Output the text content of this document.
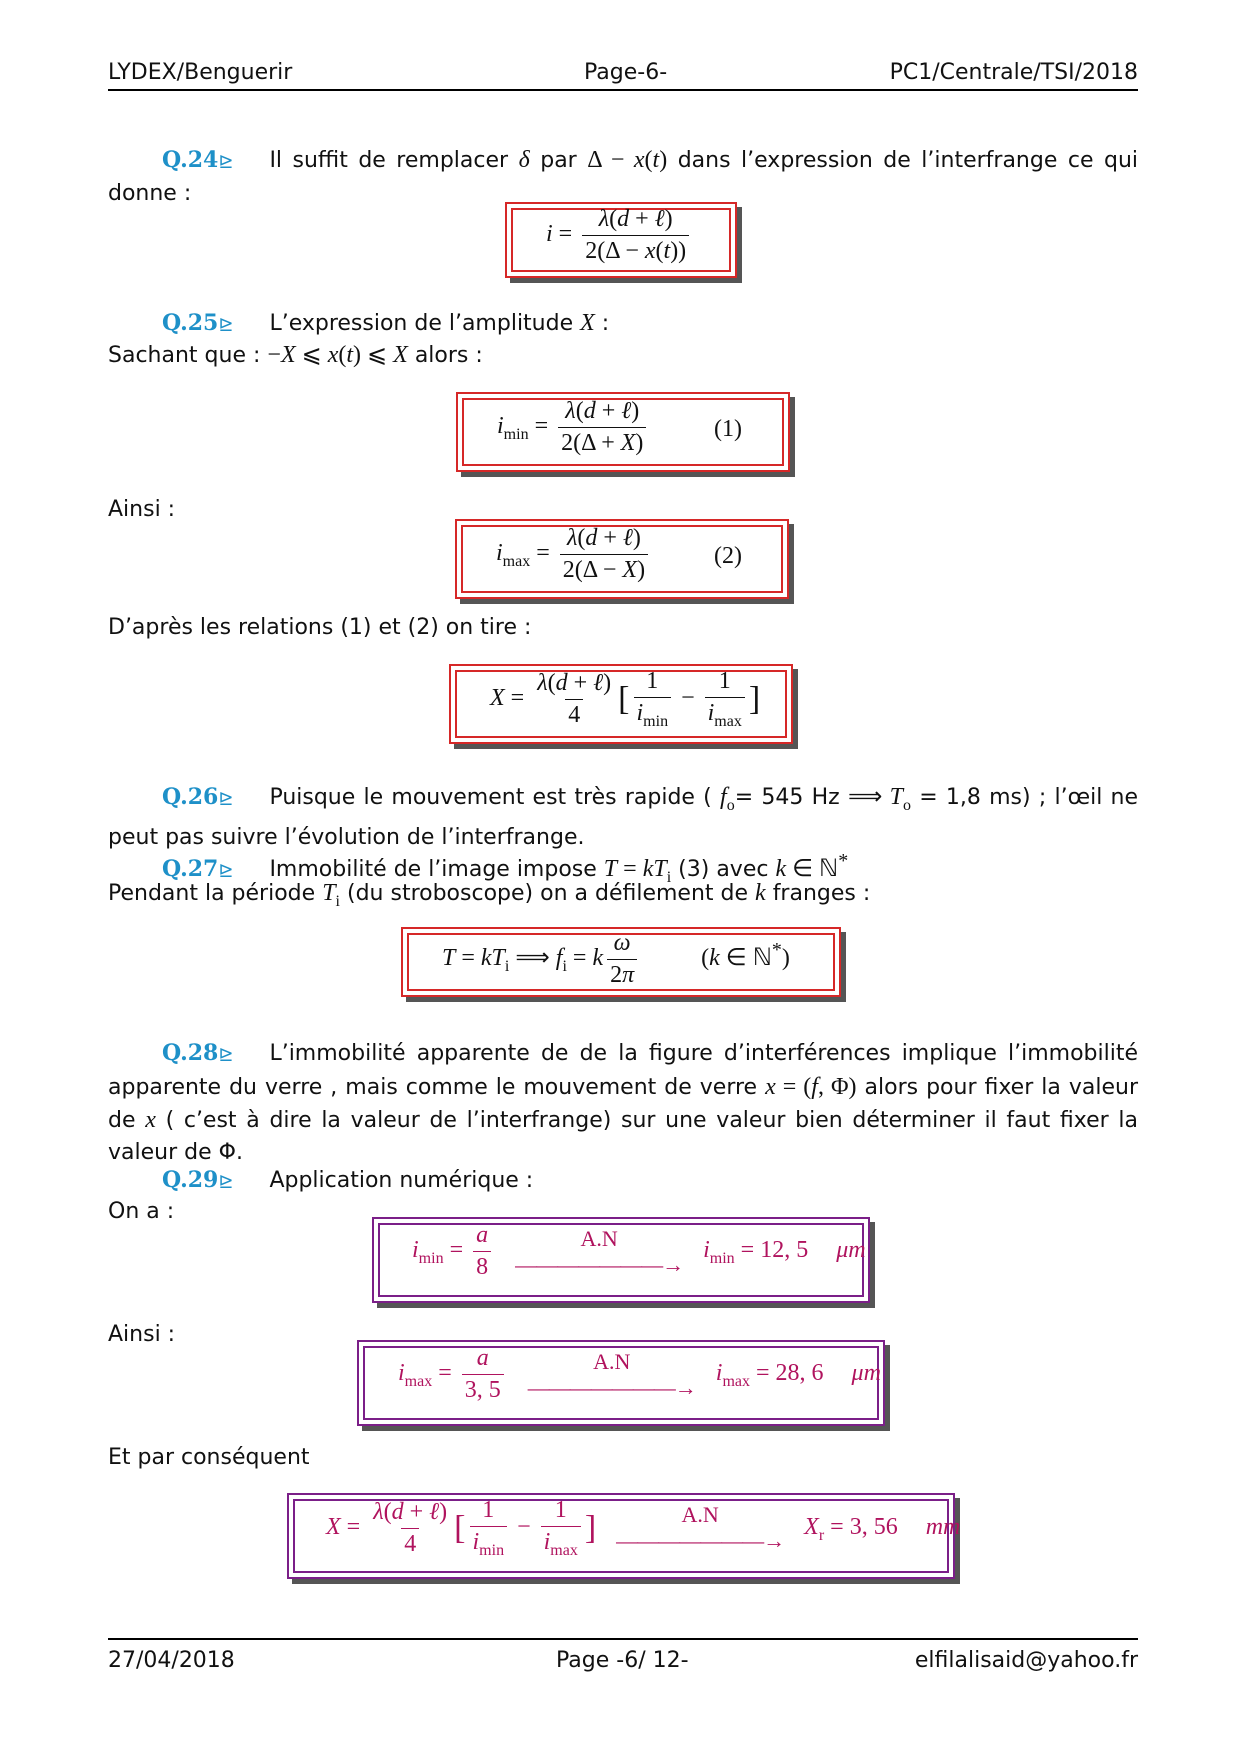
LYDEX/Benguerir	Page-6-	PC1/Centrale/TSI/2018
Q.24⊵ Il suffit de remplacer δ par Δ − x(t) dans l’expression de l’interfrange ce qui donne :
$i = \frac{\text{λ(d + ℓ)}}{2(\Delta - x(t))}$
Q.25⊵ L’expression de l’amplitude X :
Sachant que : −X ⩽ x(t) ⩽ X alors :
$i_{min} = \frac{\text{λ(d + ℓ)}}{2(\Delta + X)}$	(1)
Ainsi :
$i_{max} = \frac{\text{λ(d + ℓ)}}{2(\Delta - X)}$	(2)
D’après les relations (1) et (2) on tire :
$X = \frac{\text{λ(d + ℓ)}}{4}$ [ $\frac{1}{i_{min}} - \frac{1}{i_{max}}$ ]
Q.26⊵ Puisque le mouvement est très rapide ( $f_o= 545$ Hz ⟹ $T_o = 1,8$ ms) ; l’œil ne peut pas suivre l’évolution de l’interfrange.
Q.27⊵ Immobilité de l’image impose $T = kT_i$ (3) avec k ∈ ℕ*
Pendant la période $T_i$ (du stroboscope) on a défilement de k franges :
$T = kT_i$ ⟹ $f_i = k \frac{\omega}{2\pi}$	(k ∈ ℕ*)
Q.28⊵ L’immobilité apparente de de la figure d’interférences implique l’immobilité apparente du verre , mais comme le mouvement de verre x = (f, Φ) alors pour fixer la valeur de x ( c’est à dire la valeur de l’interfrange) sur une valeur bien déterminer il faut fixer la valeur de Φ.
Q.29⊵ Application numérique :
On a :
$i_{min} = \frac{a}{8}$	A.N
———————→
$i_{min} = 12$, 5 μm
Ainsi :
$i_{max} = \frac{a}{3, 5}$	A.N
———————→
$i_{max} = 28$, 6 μm
Et par conséquent
$X = \frac{\text{λ(d + ℓ)}}{4}$ [ $\frac{1}{i_{min}} - \frac{1}{i_{max}}$ ]	A.N
———————→
$X_r = 3$, 56 mm
27/04/2018	Page -6/ 12-	elfilalisaid@yahoo.fr
